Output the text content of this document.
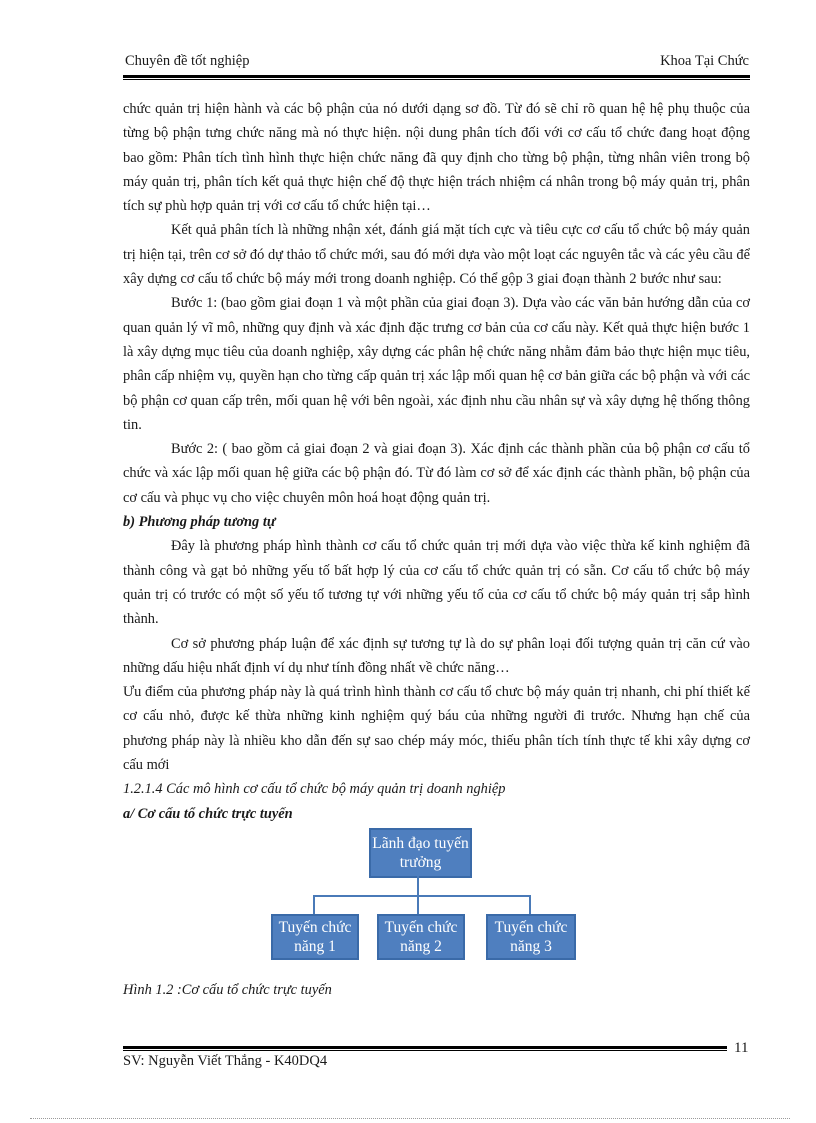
Chuyên đề tốt nghiệp	Khoa Tại Chức

chức quản trị hiện hành và các bộ phận của nó dưới dạng sơ đồ. Từ đó sẽ chỉ rõ quan hệ hệ phụ thuộc của từng bộ phận tưng chức năng mà nó thực hiện. nội dung phân tích đối với cơ cấu tổ chức đang hoạt động bao gồm: Phân tích tình hình thực hiện chức năng đã quy định cho từng bộ phận, từng nhân viên trong bộ máy quản trị, phân tích kết quả thực hiện chế độ thực hiện trách nhiệm cá nhân trong bộ máy quản trị, phân tích sự phù hợp quản trị với cơ cấu tổ chức hiện tại…

Kết quả phân tích là những nhận xét, đánh giá mặt tích cực và tiêu cực cơ cấu tổ chức bộ máy quản trị hiện tại, trên cơ sở đó dự thảo tổ chức mới, sau đó mới dựa vào một loạt các nguyên tắc và các yêu cầu để xây dựng cơ cấu tổ chức bộ máy mới trong doanh nghiệp. Có thể gộp 3 giai đoạn thành 2 bước như sau:

Bước 1: (bao gồm giai đoạn 1 và một phần của giai đoạn 3). Dựa vào các văn bản hướng dẫn của cơ quan quản lý vĩ mô, những quy định và xác định đặc trưng cơ bản của cơ cấu này. Kết quả thực hiện bước 1 là xây dựng mục tiêu của doanh nghiệp, xây dựng các phân hệ chức năng nhằm đảm bảo thực hiện mục tiêu, phân cấp nhiệm vụ, quyền hạn cho từng cấp quản trị xác lập mối quan hệ cơ bản giữa các bộ phận và với các bộ phận cơ quan cấp trên, mối quan hệ với bên ngoài, xác định nhu cầu nhân sự và xây dựng hệ thống thông tin.

Bước 2: ( bao gồm cả giai đoạn 2 và giai đoạn 3). Xác định các thành phần của bộ phận cơ cấu tổ chức và xác lập mối quan hệ giữa các bộ phận đó. Từ đó làm cơ sở để xác định các thành phần, bộ phận của cơ cấu và phục vụ cho việc chuyên môn hoá hoạt động quản trị.

b) Phương pháp tương tự

Đây là phương pháp hình thành cơ cấu tổ chức quản trị mới dựa vào việc thừa kế kinh nghiệm đã thành công và gạt bỏ những yếu tố bất hợp lý của cơ cấu tổ chức quản trị có sẵn. Cơ cấu tổ chức bộ máy quản trị có trước có một số yếu tố tương tự với những yếu tố của cơ cấu tổ chức bộ máy quản trị sắp hình thành.

Cơ sở phương pháp luận để xác định sự tương tự là do sự phân loại đối tượng quản trị căn cứ vào những dấu hiệu nhất định ví dụ như tính đồng nhất về chức năng…

Ưu điểm của phương pháp này là quá trình hình thành cơ cấu tổ chưc bộ máy quản trị nhanh, chi phí thiết kế cơ cấu nhỏ, được kế thừa những kinh nghiệm quý báu của những người đi trước. Nhưng hạn chế của phương pháp này là nhiều kho dẫn đến sự sao chép máy móc, thiếu phân tích tính thực tế khi xây dựng cơ cấu mới

1.2.1.4 Các mô hình cơ cấu tổ chức bộ máy quản trị doanh nghiệp

a/ Cơ cấu tổ chức trực tuyến

Lãnh đạo tuyến trưởng
Tuyến chức năng 1
Tuyến chức năng 2
Tuyến chức năng 3

Hình 1.2 :Cơ cấu tổ chức trực tuyến

SV: Nguyễn Viết Thắng - K40DQ4
11
